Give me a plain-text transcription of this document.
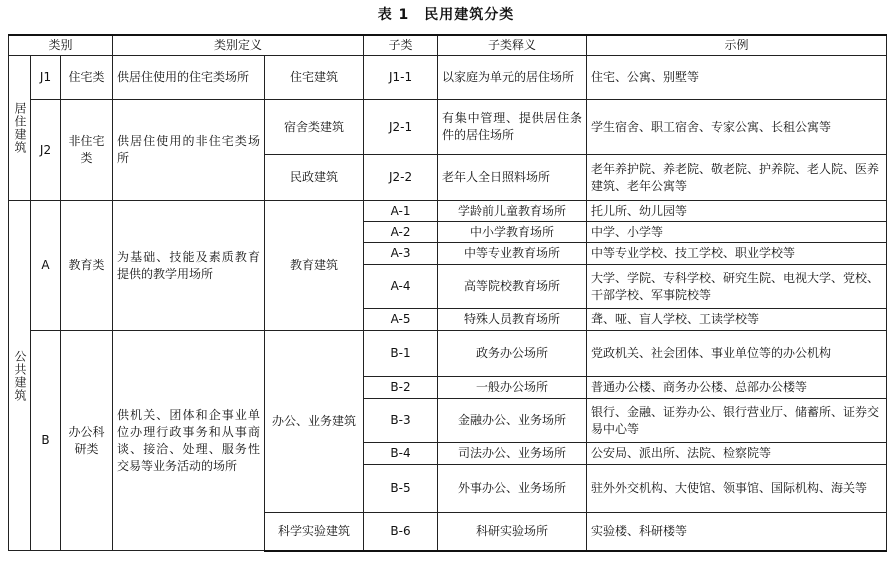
表 1　民用建筑分类
类别			类别定义		子类	子类释义	示例
居住建筑	J1	住宅类	供居住使用的住宅类场所	住宅建筑	J1-1	以家庭为单元的居住场所	住宅、公寓、别墅等
	J2	非住宅类	供居住使用的非住宅类场所	宿舍类建筑	J2-1	有集中管理、提供居住条件的居住场所	学生宿舍、职工宿舍、专家公寓、长租公寓等
				民政建筑	J2-2	老年人全日照料场所	老年养护院、养老院、敬老院、护养院、老人院、医养建筑、老年公寓等

公共建筑	A	教育类	为基础、技能及素质教育提供的教学用场所	教育建筑	A-1	学龄前儿童教育场所	托儿所、幼儿园等
					A-2	中小学教育场所	中学、小学等
					A-3	中等专业教育场所	中等专业学校、技工学校、职业学校等
					A-4	高等院校教育场所	大学、学院、专科学校、研究生院、电视大学、党校、干部学校、军事院校等
					A-5	特殊人员教育场所	聋、哑、盲人学校、工读学校等
	B	办公科研类	供机关、团体和企事业单位办理行政事务和从事商谈、接洽、处理、服务性交易等业务活动的场所	办公、业务建筑	B-1	政务办公场所	党政机关、社会团体、事业单位等的办公机构
					B-2	一般办公场所	普通办公楼、商务办公楼、总部办公楼等
					B-3	金融办公、业务场所	银行、金融、证券办公、银行营业厅、储蓄所、证券交易中心等
					B-4	司法办公、业务场所	公安局、派出所、法院、检察院等
					B-5	外事办公、业务场所	驻外外交机构、大使馆、领事馆、国际机构、海关等

				科学实验建筑	B-6	科研实验场所	实验楼、科研楼等
